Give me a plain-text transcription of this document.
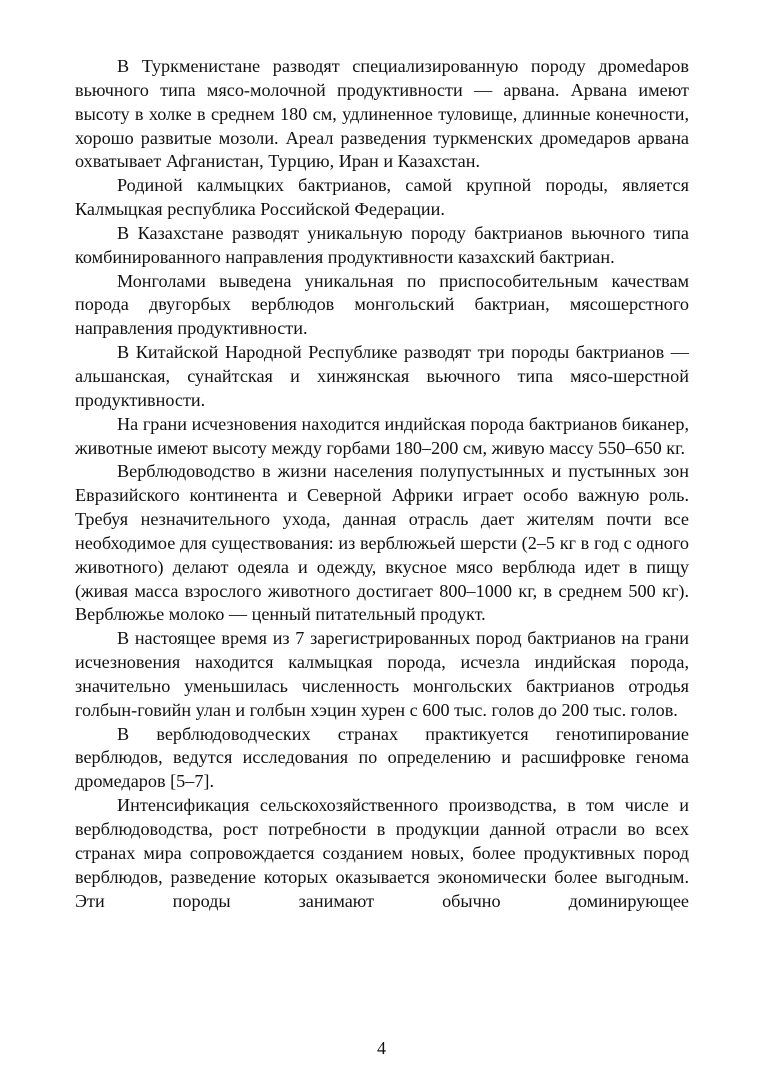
В Туркменистане разводят специализированную породу дромеdаров вьючного типа мясо-молочной продуктивности — арвана. Арвана имеют высоту в холке в среднем 180 см, удлиненное туловище, длинные конечности, хорошо развитые мозоли. Ареал разведения туркменских дромедаров арвана охватывает Афганистан, Турцию, Иран и Казахстан.

Родиной калмыцких бактрианов, самой крупной породы, является Калмыцкая республика Российской Федерации.

В Казахстане разводят уникальную породу бактрианов вьючного типа комбинированного направления продуктивности казахский бактриан.

Монголами выведена уникальная по приспособительным качествам порода двугорбых верблюдов монгольский бактриан, мясошерстного направления продуктивности.

В Китайской Народной Республике разводят три породы бактрианов — альшанская, сунайтская и хинжянская вьючного типа мясо-шерстной продуктивности.

На грани исчезновения находится индийская порода бактрианов биканер, животные имеют высоту между горбами 180–200 см, живую массу 550–650 кг.

Верблюдоводство в жизни населения полупустынных и пустынных зон Евразийского континента и Северной Африки играет особо важную роль. Требуя незначительного ухода, данная отрасль дает жителям почти все необходимое для существования: из верблюжьей шерсти (2–5 кг в год с одного животного) делают одеяла и одежду, вкусное мясо верблюда идет в пищу (живая масса взрослого животного достигает 800–1000 кг, в среднем 500 кг). Верблюжье молоко — ценный питательный продукт.

В настоящее время из 7 зарегистрированных пород бактрианов на грани исчезновения находится калмыцкая порода, исчезла индийская порода, значительно уменьшилась численность монгольских бактрианов отродья голбын-говийн улан и голбын хэцин хурен с 600 тыс. голов до 200 тыс. голов.

В верблюдоводческих странах практикуется генотипирование верблюдов, ведутся исследования по определению и расшифровке генома дромедаров [5–7].

Интенсификация сельскохозяйственного производства, в том числе и верблюдоводства, рост потребности в продукции данной отрасли во всех странах мира сопровождается созданием новых, более продуктивных пород верблюдов, разведение которых оказывается экономически более выгодным. Эти породы занимают обычно доминирующее

4
